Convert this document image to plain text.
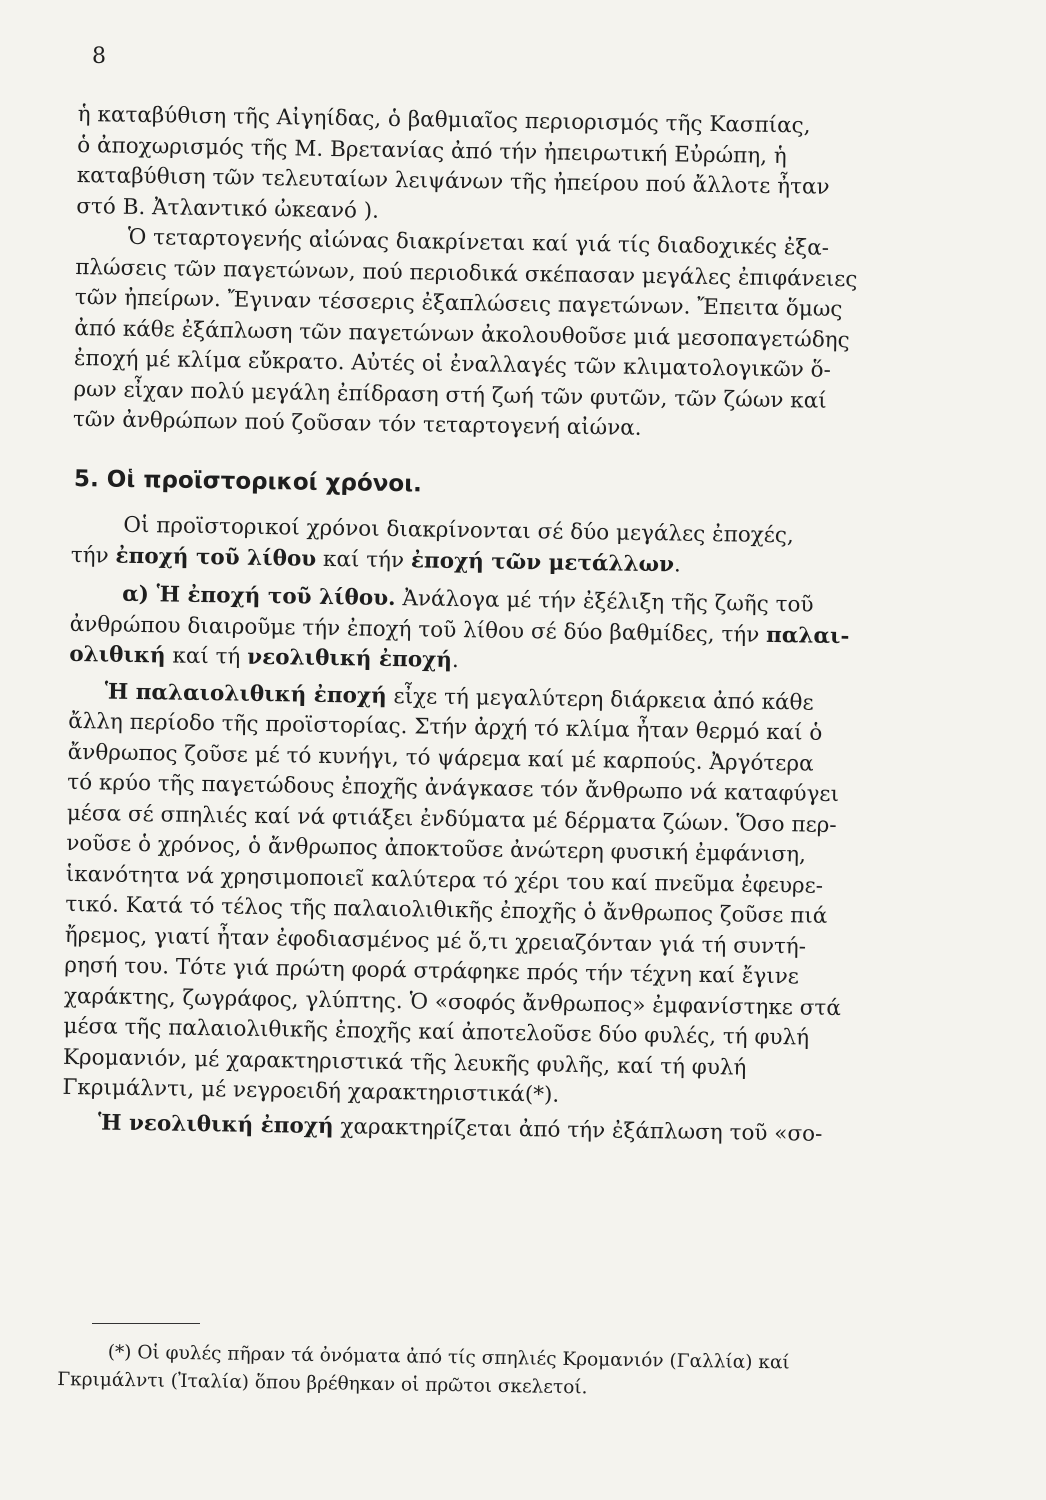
8

ἡ καταβύθιση τῆς Αἰγηίδας, ὁ βαθμιαῖος περιορισμός τῆς Κασπίας,
ὁ ἀποχωρισμός τῆς Μ. Βρετανίας ἀπό τήν ἠπειρωτική Εὐρώπη, ἡ
καταβύθιση τῶν τελευταίων λειψάνων τῆς ἠπείρου πού ἄλλοτε ἦταν
στό Β. Ἀτλαντικό ὠκεανό ).

Ὁ τεταρτογενής αἰώνας διακρίνεται καί γιά τίς διαδοχικές ἐξα-
πλώσεις τῶν παγετώνων, πού περιοδικά σκέπασαν μεγάλες ἐπιφάνειες
τῶν ἠπείρων. Ἔγιναν τέσσερις ἐξαπλώσεις παγετώνων. Ἔπειτα ὅμως
ἀπό κάθε ἐξάπλωση τῶν παγετώνων ἀκολουθοῦσε μιά μεσοπαγετώδης
ἐποχή μέ κλίμα εὔκρατο. Αὐτές οἱ ἐναλλαγές τῶν κλιματολογικῶν ὅ-
ρων εἶχαν πολύ μεγάλη ἐπίδραση στή ζωή τῶν φυτῶν, τῶν ζώων καί
τῶν ἀνθρώπων πού ζοῦσαν τόν τεταρτογενή αἰώνα.

5. Οἱ προϊστορικοί χρόνοι.

Οἱ προϊστορικοί χρόνοι διακρίνονται σέ δύο μεγάλες ἐποχές,
τήν ἐποχή τοῦ λίθου καί τήν ἐποχή τῶν μετάλλων.

α) Ἡ ἐποχή τοῦ λίθου. Ἀνάλογα μέ τήν ἐξέλιξη τῆς ζωῆς τοῦ
ἀνθρώπου διαιροῦμε τήν ἐποχή τοῦ λίθου σέ δύο βαθμίδες, τήν παλαι-
ολιθική καί τή νεολιθική ἐποχή.

Ἡ παλαιολιθική ἐποχή εἶχε τή μεγαλύτερη διάρκεια ἀπό κάθε
ἄλλη περίοδο τῆς προϊστορίας. Στήν ἀρχή τό κλίμα ἦταν θερμό καί ὁ
ἄνθρωπος ζοῦσε μέ τό κυνήγι, τό ψάρεμα καί μέ καρπούς. Ἀργότερα
τό κρύο τῆς παγετώδους ἐποχῆς ἀνάγκασε τόν ἄνθρωπο νά καταφύγει
μέσα σέ σπηλιές καί νά φτιάξει ἐνδύματα μέ δέρματα ζώων. Ὅσο περ-
νοῦσε ὁ χρόνος, ὁ ἄνθρωπος ἀποκτοῦσε ἀνώτερη φυσική ἐμφάνιση,
ἱκανότητα νά χρησιμοποιεῖ καλύτερα τό χέρι του καί πνεῦμα ἐφευρε-
τικό. Κατά τό τέλος τῆς παλαιολιθικῆς ἐποχῆς ὁ ἄνθρωπος ζοῦσε πιά
ἤρεμος, γιατί ἦταν ἐφοδιασμένος μέ ὅ,τι χρειαζόνταν γιά τή συντή-
ρησή του. Τότε γιά πρώτη φορά στράφηκε πρός τήν τέχνη καί ἔγινε
χαράκτης, ζωγράφος, γλύπτης. Ὁ «σοφός ἄνθρωπος» ἐμφανίστηκε στά
μέσα τῆς παλαιολιθικῆς ἐποχῆς καί ἀποτελοῦσε δύο φυλές, τή φυλή
Κρομανιόν, μέ χαρακτηριστικά τῆς λευκῆς φυλῆς, καί τή φυλή
Γκριμάλντι, μέ νεγροειδή χαρακτηριστικά(*).

Ἡ νεολιθική ἐποχή χαρακτηρίζεται ἀπό τήν ἐξάπλωση τοῦ «σο-

(*) Οἱ φυλές πῆραν τά ὀνόματα ἀπό τίς σπηλιές Κρομανιόν (Γαλλία) καί

Γκριμάλντι (Ἰταλία) ὅπου βρέθηκαν οἱ πρῶτοι σκελετοί.
